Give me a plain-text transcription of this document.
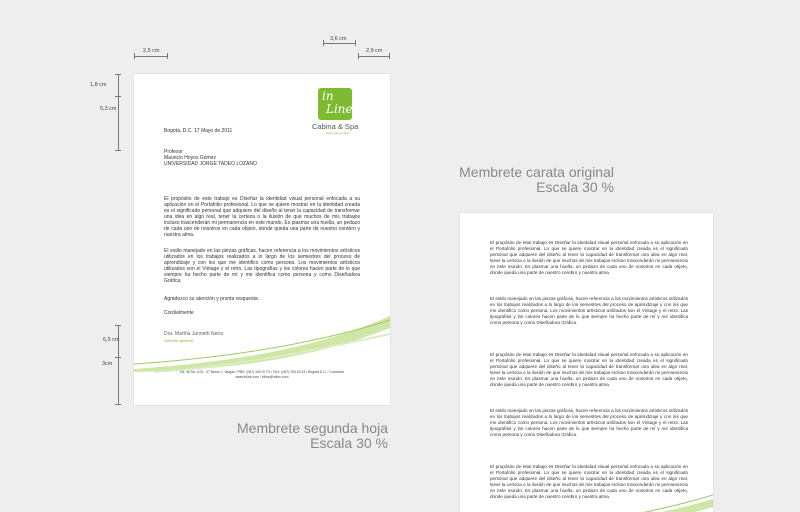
2,5 cm
3,6 cm
2,9 cm
1,8 cm
5,3 cm
6,5 cm
3cm
in
Line
Cabina & Spa
body care & relax
Bogotá, D.C. 17 Mayo de 2011
Profesor
Mauricio Hoyos Gómez
UNIVERSIDAD JORGE TADEO LOZANO
El propósito de este trabajo es Diseñar la identidad visual personal enfocada a su aplicación en el Portafolio profesional. Lo que se quiere mostrar en la identidad creada es el significado personal que adquiere del diseño al tener la capacidad de transformar una idea en algo real, tener la certeza o la ilusión de que muchos de mis trabajos incluso trascenderán mi permanencia en este mundo. Es plasmar una huella, un pedazo de cada uno de nosotros en cada objeto, donde queda una parte de nuestro cerebro y nuestra alma.
El estilo manejado en las piezas gráficas, hacen referencia a los movimientos artísticos utilizados en los trabajos realizados a lo largo de los semestres del proceso de aprendizaje y con los que me identifico como persona. Los movimientos artísticos utilizados son el Vintage y el retro. Las tipografías y los colores hacen parte de lo que siempre ha hecho parte de mí y me identifica como persona y como Diseñadora Gráfica.
Agradezco su atención y pronta respuesta.
Cordialmente
Dra. Martha Janneth Neira
Gerente general
Dir. 46 No. 67A - 37 Barrio J. Vargas / PBX: (057) 340 37 07 / FAX: (057) 293 63 43 / Bogotá D.C. / Colombia
www.inline.com / inline@inline.com
Membrete segunda hoja
Escala 30 %
Membrete carata original
Escala 30 %
El propósito de este trabajo es Diseñar la identidad visual personal enfocada a su aplicación en el Portafolio profesional. Lo que se quiere mostrar en la identidad creada es el significado personal que adquiere del diseño al tener la capacidad de transformar una idea en algo real, tener la certeza o la ilusión de que muchos de mis trabajos incluso trascenderán mi permanencia en este mundo. Es plasmar una huella, un pedazo de cada uno de nosotros en cada objeto, donde queda una parte de nuestro cerebro y nuestra alma.
El estilo manejado en las piezas gráficas, hacen referencia a los movimientos artísticos utilizados en los trabajos realizados a lo largo de los semestres del proceso de aprendizaje y con los que me identifico como persona. Los movimientos artísticos utilizados son el Vintage y el retro. Las tipografías y los colores hacen parte de lo que siempre ha hecho parte de mí y me identifica como persona y como Diseñadora Gráfica.
El propósito de este trabajo es Diseñar la identidad visual personal enfocada a su aplicación en el Portafolio profesional. Lo que se quiere mostrar en la identidad creada es el significado personal que adquiere del diseño al tener la capacidad de transformar una idea en algo real, tener la certeza o la ilusión de que muchos de mis trabajos incluso trascenderán mi permanencia en este mundo. Es plasmar una huella, un pedazo de cada uno de nosotros en cada objeto, donde queda una parte de nuestro cerebro y nuestra alma.
El estilo manejado en las piezas gráficas, hacen referencia a los movimientos artísticos utilizados en los trabajos realizados a lo largo de los semestres del proceso de aprendizaje y con los que me identifico como persona. Los movimientos artísticos utilizados son el Vintage y el retro. Las tipografías y los colores hacen parte de lo que siempre ha hecho parte de mí y me identifica como persona y como Diseñadora Gráfica.
El propósito de este trabajo es Diseñar la identidad visual personal enfocada a su aplicación en el Portafolio profesional. Lo que se quiere mostrar en la identidad creada es el significado personal que adquiere del diseño al tener la capacidad de transformar una idea en algo real, tener la certeza o la ilusión de que muchos de mis trabajos incluso trascenderán mi permanencia en este mundo. Es plasmar una huella, un pedazo de cada uno de nosotros en cada objeto, donde queda una parte de nuestro cerebro y nuestra alma.
